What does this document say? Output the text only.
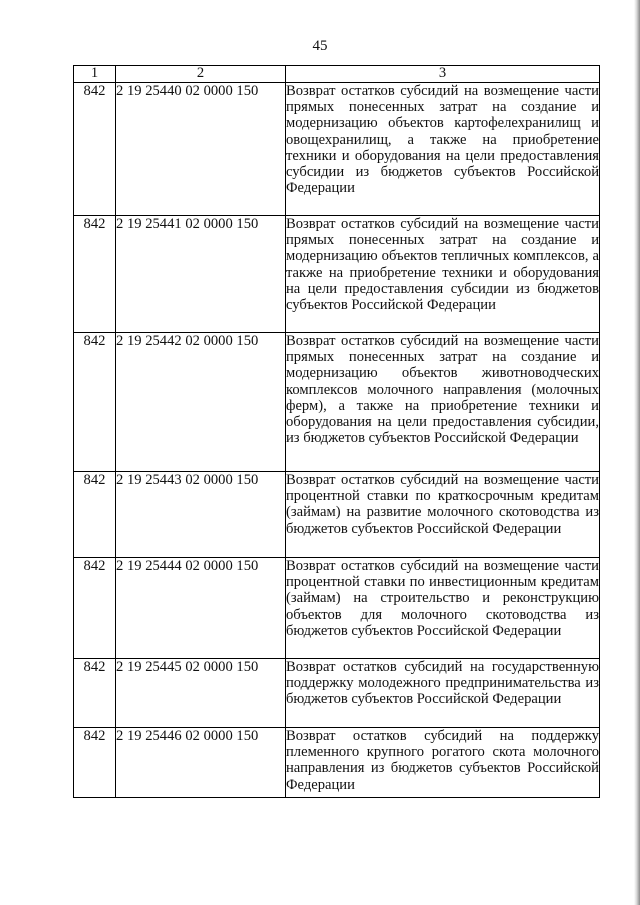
45
1	2	3
842	2 19 25440 02 0000 150	Возврат остатков субсидий на возмещение части прямых понесенных затрат на создание и модернизацию объектов картофелехранилищ и овощехранилищ, а также на приобретение техники и оборудования на цели предоставления субсидии из бюджетов субъектов Российской Федерации
842	2 19 25441 02 0000 150	Возврат остатков субсидий на возмещение части прямых понесенных затрат на создание и модернизацию объектов тепличных комплексов, а также на приобретение техники и оборудования на цели предоставления субсидии из бюджетов субъектов Российской Федерации
842	2 19 25442 02 0000 150	Возврат остатков субсидий на возмещение части прямых понесенных затрат на создание и модернизацию объектов животноводческих комплексов молочного направления (молочных ферм), а также на приобретение техники и оборудования на цели предоставления субсидии, из бюджетов субъектов Российской Федерации
842	2 19 25443 02 0000 150	Возврат остатков субсидий на возмещение части процентной ставки по краткосрочным кредитам (займам) на развитие молочного скотоводства из бюджетов субъектов Российской Федерации
842	2 19 25444 02 0000 150	Возврат остатков субсидий на возмещение части процентной ставки по инвестиционным кредитам (займам) на строительство и реконструкцию объектов для молочного скотоводства из бюджетов субъектов Российской Федерации
842	2 19 25445 02 0000 150	Возврат остатков субсидий на государственную поддержку молодежного предпринимательства из бюджетов субъектов Российской Федерации
842	2 19 25446 02 0000 150	Возврат остатков субсидий на поддержку племенного крупного рогатого скота молочного направления из бюджетов субъектов Российской Федерации
